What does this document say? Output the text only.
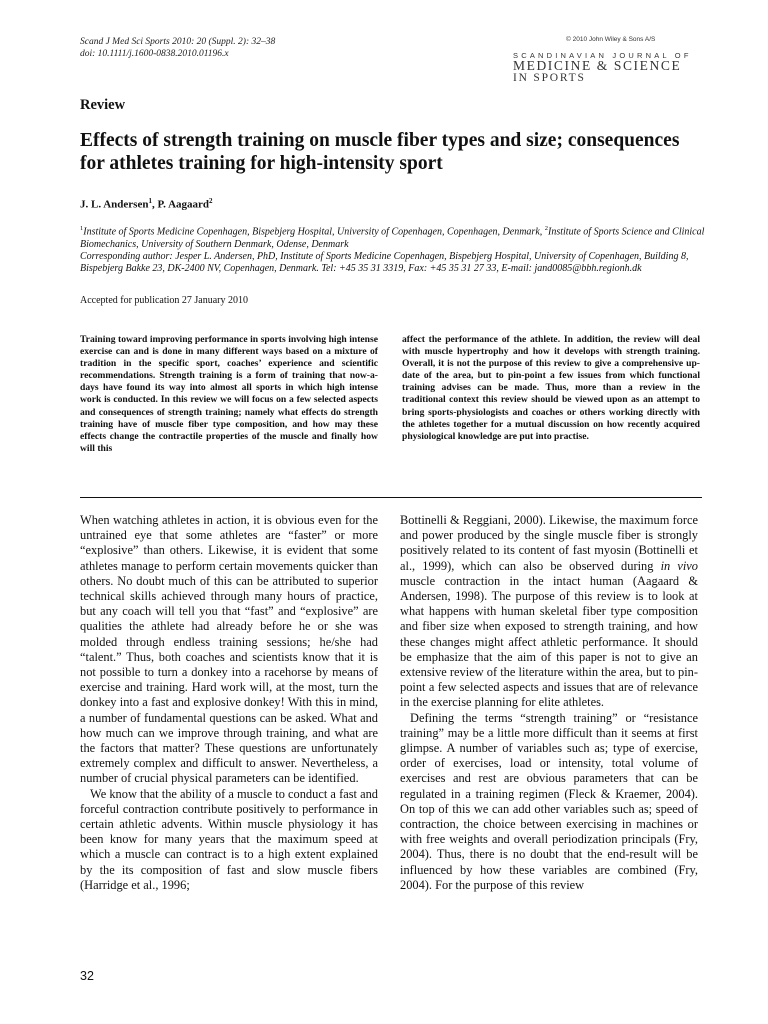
Scand J Med Sci Sports 2010: 20 (Suppl. 2): 32–38
doi: 10.1111/j.1600-0838.2010.01196.x
© 2010 John Wiley & Sons A/S
SCANDINAVIAN JOURNAL OF
MEDICINE & SCIENCE
IN SPORTS
Review
Effects of strength training on muscle fiber types and size; consequences for athletes training for high-intensity sport
J. L. Andersen$^1$, P. Aagaard$^2$
$^1$Institute of Sports Medicine Copenhagen, Bispebjerg Hospital, University of Copenhagen, Copenhagen, Denmark, $^2$Institute of Sports Science and Clinical Biomechanics, University of Southern Denmark, Odense, Denmark
Corresponding author: Jesper L. Andersen, PhD, Institute of Sports Medicine Copenhagen, Bispebjerg Hospital, University of Copenhagen, Building 8, Bispebjerg Bakke 23, DK-2400 NV, Copenhagen, Denmark. Tel: +45 35 31 3319, Fax: +45 35 31 27 33, E-mail: jand0085@bbh.regionh.dk
Accepted for publication 27 January 2010
Training toward improving performance in sports involving high intense exercise can and is done in many different ways based on a mixture of tradition in the specific sport, coaches’ experience and scientific recommendations. Strength training is a form of training that now-a-days have found its way into almost all sports in which high intense work is conducted. In this review we will focus on a few selected aspects and consequences of strength training; namely what effects do strength training have of muscle fiber type composition, and how may these effects change the contractile properties of the muscle and finally how will this
affect the performance of the athlete. In addition, the review will deal with muscle hypertrophy and how it develops with strength training. Overall, it is not the purpose of this review to give a comprehensive up-date of the area, but to pin-point a few issues from which functional training advises can be made. Thus, more than a review in the traditional context this review should be viewed upon as an attempt to bring sports-physiologists and coaches or others working directly with the athletes together for a mutual discussion on how recently acquired physiological knowledge are put into practise.

When watching athletes in action, it is obvious even for the untrained eye that some athletes are “faster” or more “explosive” than others. Likewise, it is evident that some athletes manage to perform certain movements quicker than others. No doubt much of this can be attributed to superior technical skills achieved through many hours of practice, but any coach will tell you that “fast” and “explosive” are qualities the athlete had already before he or she was molded through endless training sessions; he/she had “talent.” Thus, both coaches and scientists know that it is not possible to turn a donkey into a racehorse by means of exercise and training. Hard work will, at the most, turn the donkey into a fast and explosive donkey! With this in mind, a number of fundamental questions can be asked. What and how much can we improve through training, and what are the factors that matter? These questions are unfortunately extremely complex and difficult to answer. Nevertheless, a number of crucial physical parameters can be identified.

We know that the ability of a muscle to conduct a fast and forceful contraction contribute positively to performance in certain athletic advents. Within muscle physiology it has been know for many years that the maximum speed at which a muscle can contract is to a high extent explained by the its composition of fast and slow muscle fibers (Harridge et al., 1996;

Bottinelli & Reggiani, 2000). Likewise, the maximum force and power produced by the single muscle fiber is strongly positively related to its content of fast myosin (Bottinelli et al., 1999), which can also be observed during in vivo muscle contraction in the intact human (Aagaard & Andersen, 1998). The purpose of this review is to look at what happens with human skeletal fiber type composition and fiber size when exposed to strength training, and how these changes might affect athletic performance. It should be emphasize that the aim of this paper is not to give an extensive review of the literature within the area, but to pin-point a few selected aspects and issues that are of relevance in the exercise planning for elite athletes.

Defining the terms “strength training” or “resistance training” may be a little more difficult than it seems at first glimpse. A number of variables such as; type of exercise, order of exercises, load or intensity, total volume of exercises and rest are obvious parameters that can be regulated in a training regimen (Fleck & Kraemer, 2004). On top of this we can add other variables such as; speed of contraction, the choice between exercising in machines or with free weights and overall periodization principals (Fry, 2004). Thus, there is no doubt that the end-result will be influenced by how these variables are combined (Fry, 2004). For the purpose of this review

32
